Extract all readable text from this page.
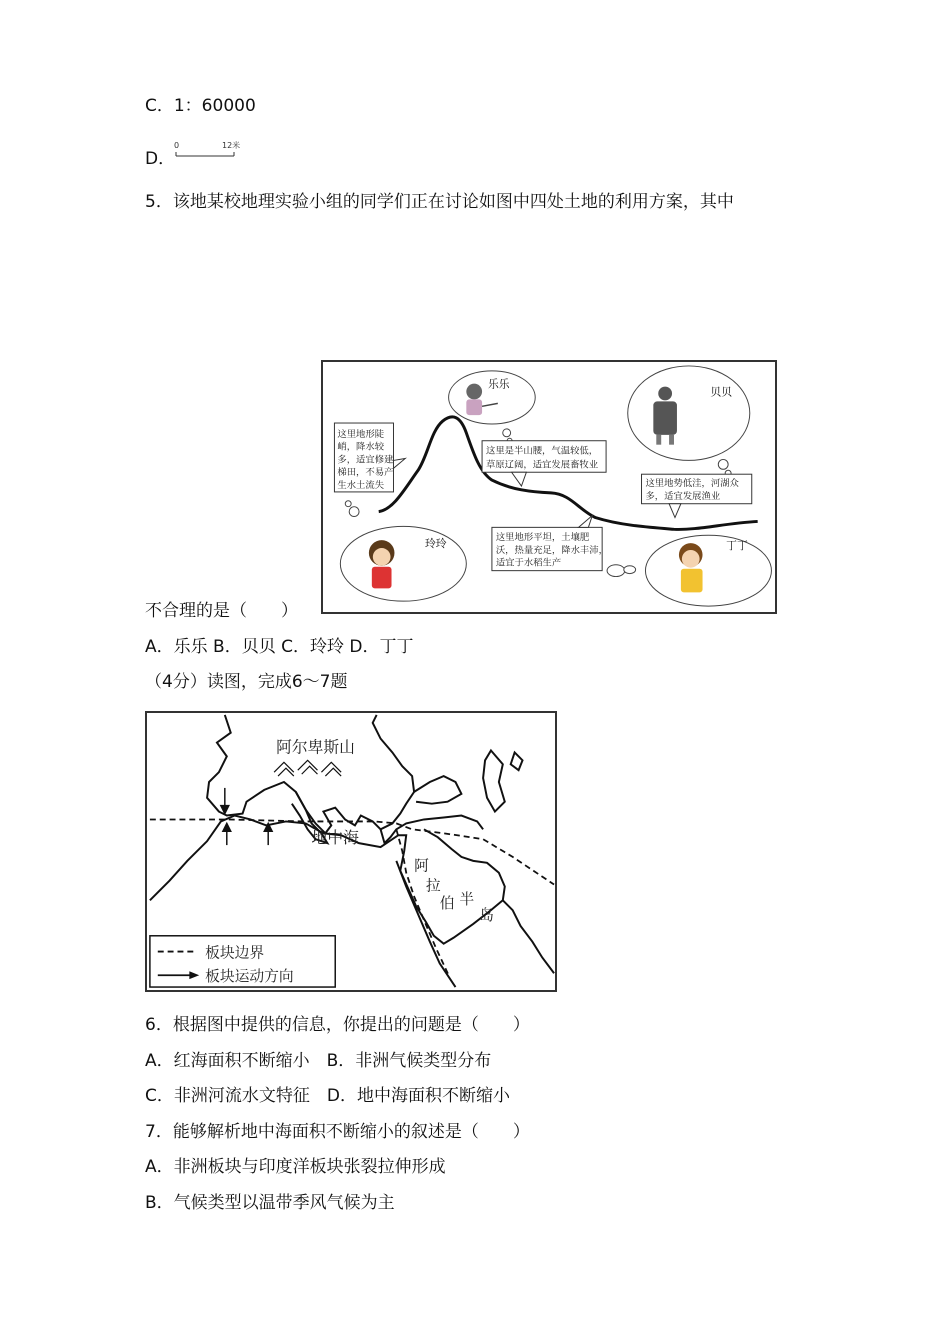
C．1：60000
D．
0	12米
5．该地某校地理实验小组的同学们正在讨论如图中四处土地的利用方案，其中
乐乐
贝贝
这里地形陡
峭，降水较
多，适宜修建
梯田，不易产
生水土流失
这里是半山腰，气温较低，
草原辽阔，适宜发展畜牧业
这里地势低洼，河湖众
多，适宜发展渔业
玲玲	这里地形平坦，土壤肥
沃，热量充足，降水丰沛，
适宜于水稻生产
丁丁
不合理的是（　　）
A．乐乐 B．贝贝 C．玲玲 D．丁丁
（4分）读图，完成6～7题
阿尔卑斯山
地中海
阿
拉
伯 半
岛
板块边界
板块运动方向
6．根据图中提供的信息，你提出的问题是（　　）
A．红海面积不断缩小　B．非洲气候类型分布
C．非洲河流水文特征　D．地中海面积不断缩小
7．能够解析地中海面积不断缩小的叙述是（　　）
A．非洲板块与印度洋板块张裂拉伸形成
B．气候类型以温带季风气候为主
